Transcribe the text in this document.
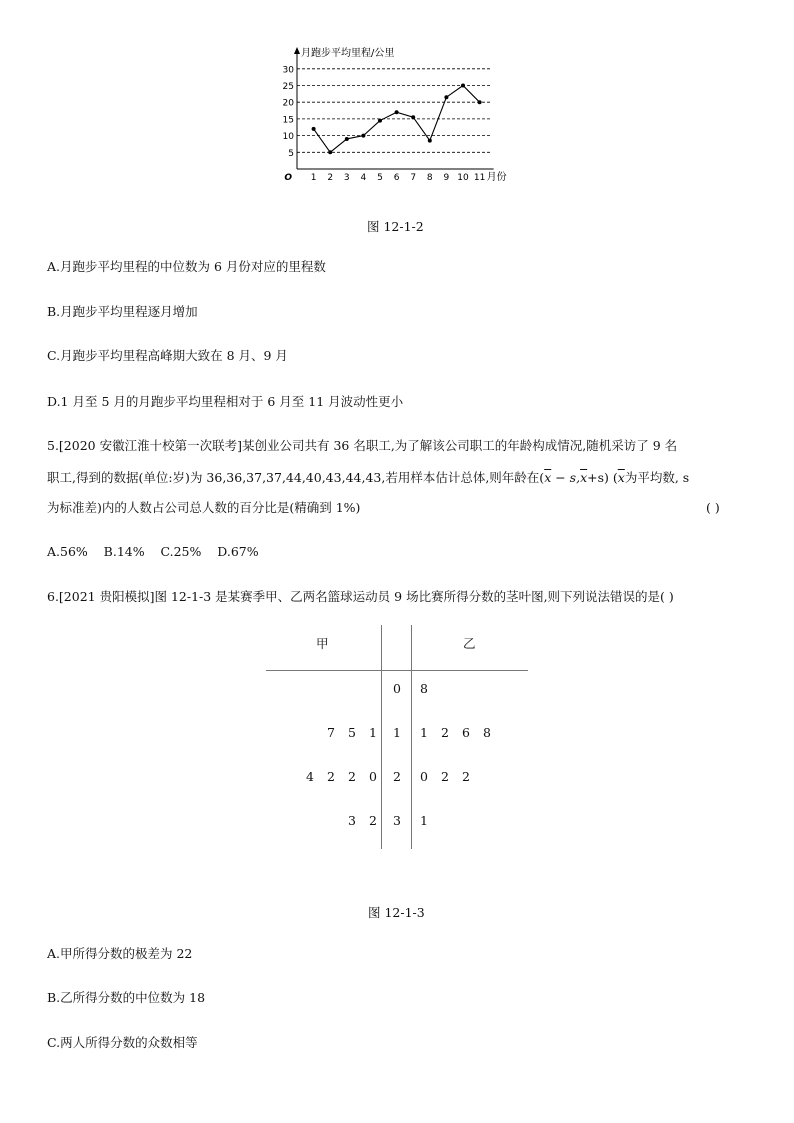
5
10
15
20
25
30
1 2 3 4 5 6 7 8 9 10 11
O
月跑步平均里程/公里
月份
图 12-1-2
A.月跑步平均里程的中位数为 6 月份对应的里程数
B.月跑步平均里程逐月增加
C.月跑步平均里程高峰期大致在 8 月、9 月
D.1 月至 5 月的月跑步平均里程相对于 6 月至 11 月波动性更小
5.[2020 安徽江淮十校第一次联考]某创业公司共有 36 名职工,为了解该公司职工的年龄构成情况,随机采访了 9 名
职工,得到的数据(单位:岁)为 36,36,37,37,44,40,43,44,43,若用样本估计总体,则年龄在$(\overline{x} - s,\overline{x}+s)$ ($\overline{x}$为平均数, s
为标准差)内的人数占公司总人数的百分比是(精确到 1%)	( )
A.56%    B.14%    C.25%    D.67%
6.[2021 贵阳模拟]图 12-1-3 是某赛季甲、乙两名篮球运动员 9 场比赛所得分数的茎叶图,则下列说法错误的是( )
甲	乙
0 8
7 5 1 1 1 2 6 8
4 2 2 0 2 0 2 2
3 2 3 1
图 12-1-3
A.甲所得分数的极差为 22
B.乙所得分数的中位数为 18
C.两人所得分数的众数相等
